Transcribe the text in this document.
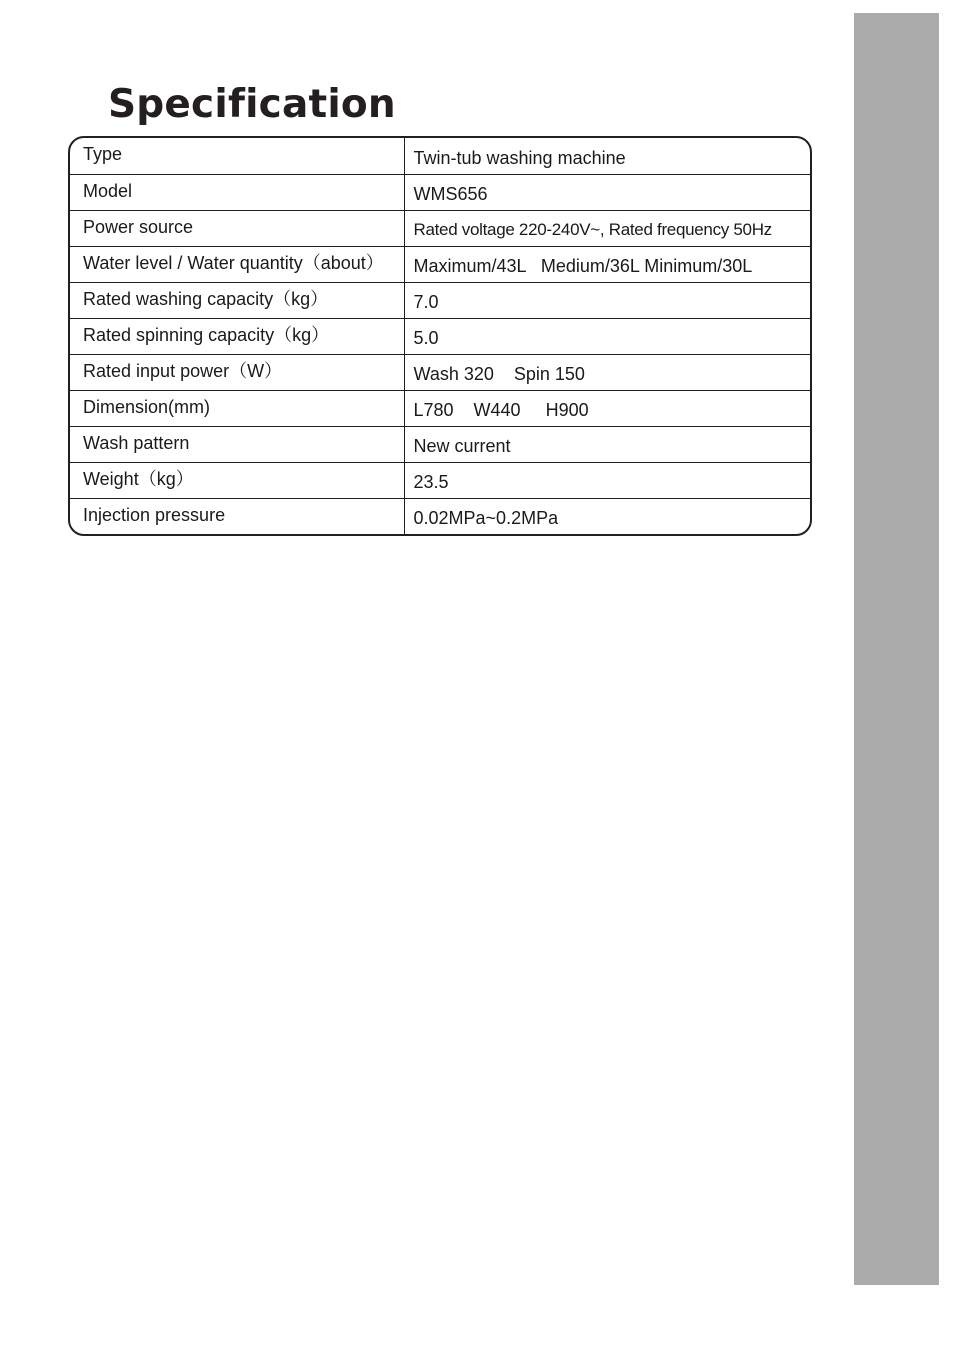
Specification
Type	Twin-tub washing machine
Model	WMS656
Power source	Rated voltage 220-240V~, Rated frequency 50Hz
Water level / Water quantity（about）	Maximum/43L   Medium/36L Minimum/30L
Rated washing capacity（kg）	7.0
Rated spinning capacity（kg）	5.0
Rated input power（W）	Wash 320    Spin 150
Dimension(mm)	L780    W440     H900
Wash pattern	New current
Weight（kg）	23.5
Injection pressure	0.02MPa~0.2MPa
